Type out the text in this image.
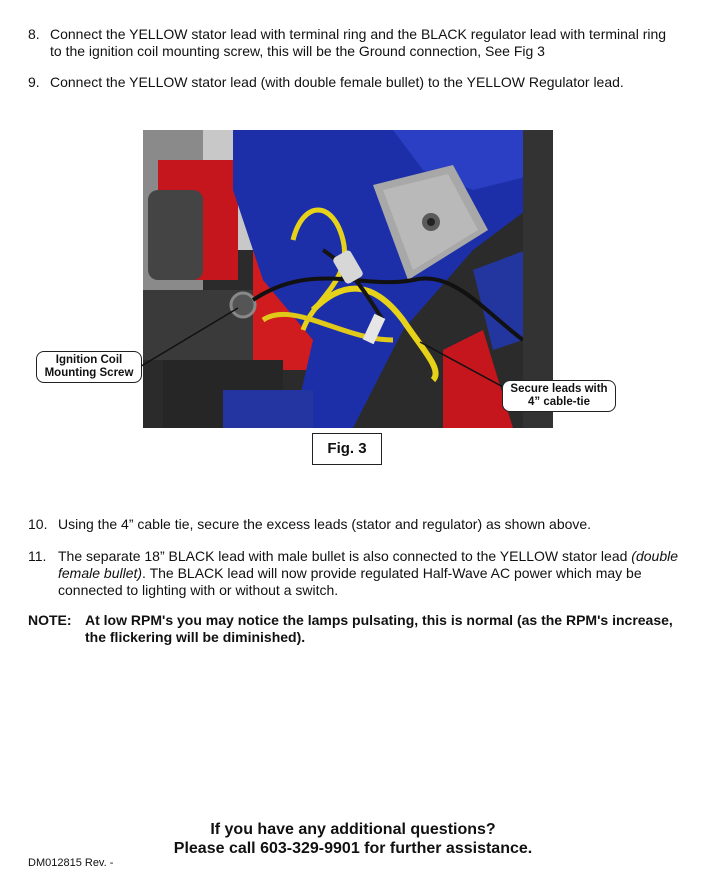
8. Connect the YELLOW stator lead with terminal ring and the BLACK regulator lead with terminal ring to the ignition coil mounting screw, this will be the Ground connection, See Fig 3
9. Connect the YELLOW stator lead (with double female bullet) to the YELLOW Regulator lead.
Ignition Coil
Mounting Screw
Secure leads with
4” cable-tie
Fig. 3
10. Using the 4” cable tie, secure the excess leads (stator and regulator) as shown above.
11. The separate 18” BLACK lead with male bullet is also connected to the YELLOW stator lead (double female bullet). The BLACK lead will now provide regulated Half-Wave AC power which may be connected to lighting with or without a switch.
NOTE: At low RPM's you may notice the lamps pulsating, this is normal (as the RPM's increase, the flickering will be diminished).
If you have any additional questions?
Please call 603-329-9901 for further assistance.
DM012815 Rev. -
